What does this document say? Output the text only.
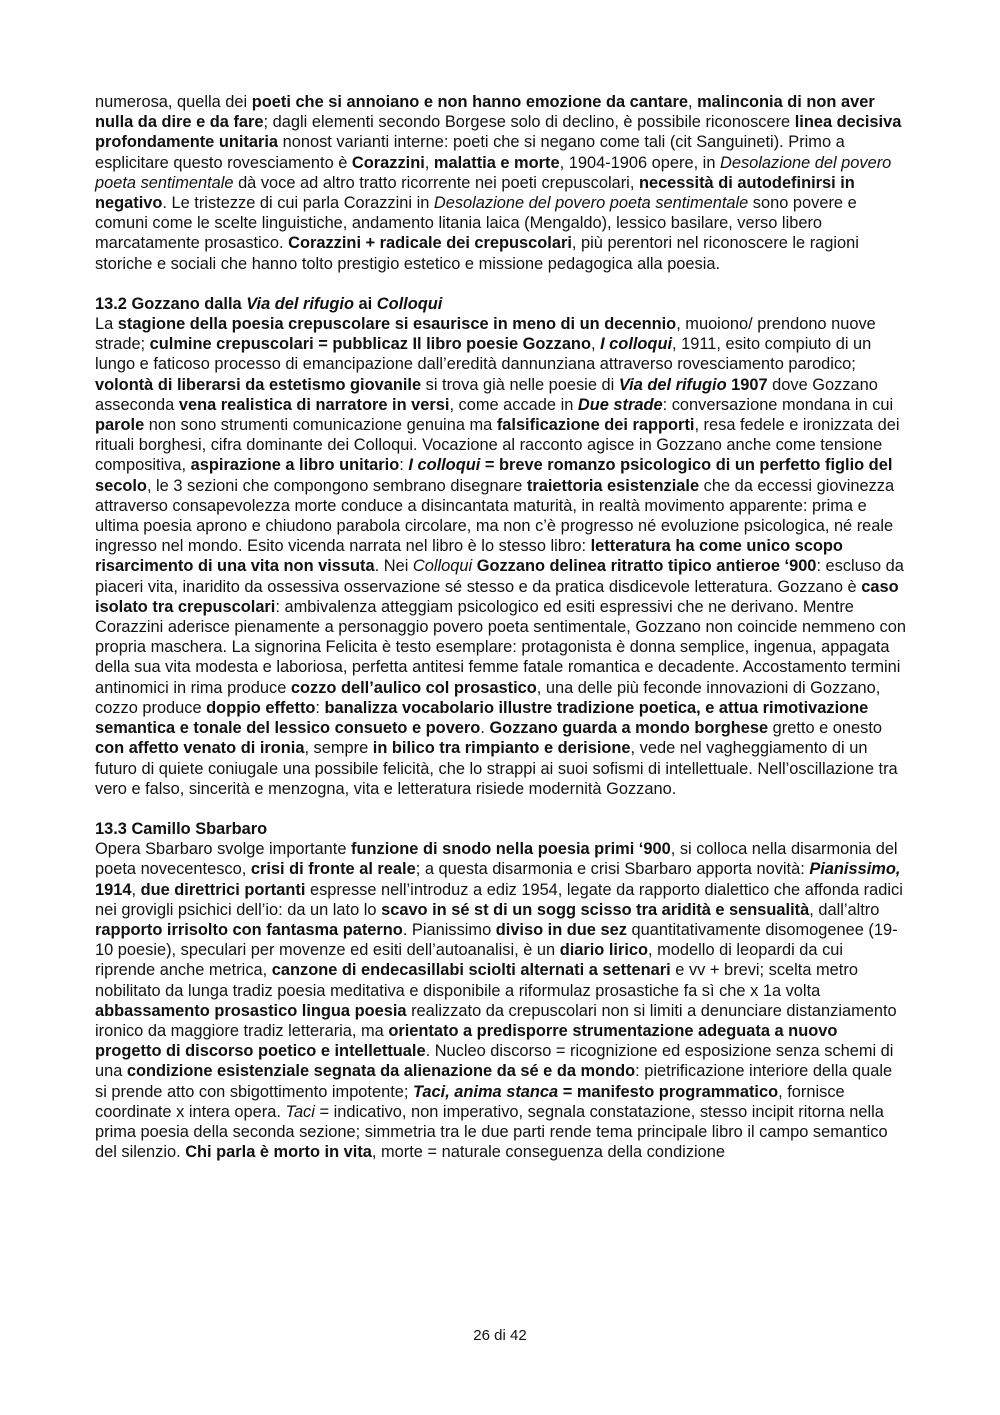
numerosa, quella dei poeti che si annoiano e non hanno emozione da cantare, malinconia di non aver nulla da dire e da fare; dagli elementi secondo Borgese solo di declino, è possibile riconoscere linea decisiva profondamente unitaria nonost varianti interne: poeti che si negano come tali (cit Sanguineti). Primo a esplicitare questo rovesciamento è Corazzini, malattia e morte, 1904-1906 opere, in Desolazione del povero poeta sentimentale dà voce ad altro tratto ricorrente nei poeti crepuscolari, necessità di autodefinirsi in negativo. Le tristezze di cui parla Corazzini in Desolazione del povero poeta sentimentale sono povere e comuni come le scelte linguistiche, andamento litania laica (Mengaldo), lessico basilare, verso libero marcatamente prosastico. Corazzini + radicale dei crepuscolari, più perentori nel riconoscere le ragioni storiche e sociali che hanno tolto prestigio estetico e missione pedagogica alla poesia.

13.2 Gozzano dalla Via del rifugio ai Colloqui

La stagione della poesia crepuscolare si esaurisce in meno di un decennio, muoiono/ prendono nuove strade; culmine crepuscolari = pubblicaz Il libro poesie Gozzano, I colloqui, 1911, esito compiuto di un lungo e faticoso processo di emancipazione dall’eredità dannunziana attraverso rovesciamento parodico; volontà di liberarsi da estetismo giovanile si trova già nelle poesie di Via del rifugio 1907 dove Gozzano asseconda vena realistica di narratore in versi, come accade in Due strade: conversazione mondana in cui parole non sono strumenti comunicazione genuina ma falsificazione dei rapporti, resa fedele e ironizzata dei rituali borghesi, cifra dominante dei Colloqui. Vocazione al racconto agisce in Gozzano anche come tensione compositiva, aspirazione a libro unitario: I colloqui = breve romanzo psicologico di un perfetto figlio del secolo, le 3 sezioni che compongono sembrano disegnare traiettoria esistenziale che da eccessi giovinezza attraverso consapevolezza morte conduce a disincantata maturità, in realtà movimento apparente: prima e ultima poesia aprono e chiudono parabola circolare, ma non c’è progresso né evoluzione psicologica, né reale ingresso nel mondo. Esito vicenda narrata nel libro è lo stesso libro: letteratura ha come unico scopo risarcimento di una vita non vissuta. Nei Colloqui Gozzano delinea ritratto tipico antieroe ‘900: escluso da piaceri vita, inaridito da ossessiva osservazione sé stesso e da pratica disdicevole letteratura. Gozzano è caso isolato tra crepuscolari: ambivalenza atteggiam psicologico ed esiti espressivi che ne derivano. Mentre Corazzini aderisce pienamente a personaggio povero poeta sentimentale, Gozzano non coincide nemmeno con propria maschera. La signorina Felicita è testo esemplare: protagonista è donna semplice, ingenua, appagata della sua vita modesta e laboriosa, perfetta antitesi femme fatale romantica e decadente. Accostamento termini antinomici in rima produce cozzo dell’aulico col prosastico, una delle più feconde innovazioni di Gozzano, cozzo produce doppio effetto: banalizza vocabolario illustre tradizione poetica, e attua rimotivazione semantica e tonale del lessico consueto e povero. Gozzano guarda a mondo borghese gretto e onesto con affetto venato di ironia, sempre in bilico tra rimpianto e derisione, vede nel vagheggiamento di un futuro di quiete coniugale una possibile felicità, che lo strappi ai suoi sofismi di intellettuale. Nell’oscillazione tra vero e falso, sincerità e menzogna, vita e letteratura risiede modernità Gozzano.

13.3 Camillo Sbarbaro

Opera Sbarbaro svolge importante funzione di snodo nella poesia primi ‘900, si colloca nella disarmonia del poeta novecentesco, crisi di fronte al reale; a questa disarmonia e crisi Sbarbaro apporta novità: Pianissimo, 1914, due direttrici portanti espresse nell’introduz a ediz 1954, legate da rapporto dialettico che affonda radici nei grovigli psichici dell’io: da un lato lo scavo in sé st di un sogg scisso tra aridità e sensualità, dall’altro rapporto irrisolto con fantasma paterno. Pianissimo diviso in due sez quantitativamente disomogenee (19-10 poesie), speculari per movenze ed esiti dell’autoanalisi, è un diario lirico, modello di leopardi da cui riprende anche metrica, canzone di endecasillabi sciolti alternati a settenari e vv + brevi; scelta metro nobilitato da lunga tradiz poesia meditativa e disponibile a riformulaz prosastiche fa sì che x 1a volta abbassamento prosastico lingua poesia realizzato da crepuscolari non si limiti a denunciare distanziamento ironico da maggiore tradiz letteraria, ma orientato a predisporre strumentazione adeguata a nuovo progetto di discorso poetico e intellettuale. Nucleo discorso = ricognizione ed esposizione senza schemi di una condizione esistenziale segnata da alienazione da sé e da mondo: pietrificazione interiore della quale si prende atto con sbigottimento impotente; Taci, anima stanca = manifesto programmatico, fornisce coordinate x intera opera. Taci = indicativo, non imperativo, segnala constatazione, stesso incipit ritorna nella prima poesia della seconda sezione; simmetria tra le due parti rende tema principale libro il campo semantico del silenzio. Chi parla è morto in vita, morte = naturale conseguenza della condizione

26 di 42
